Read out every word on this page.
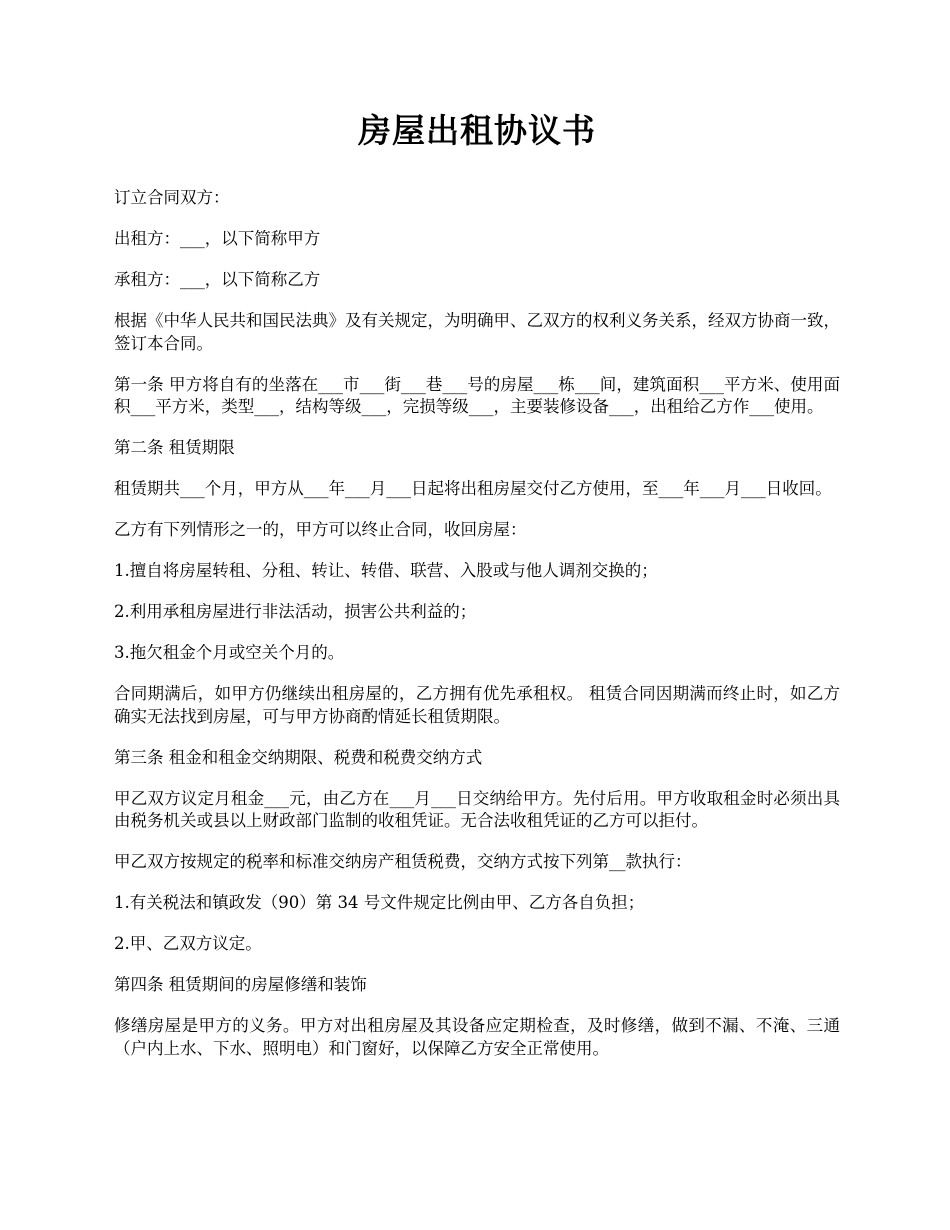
房屋出租协议书

订立合同双方：

出租方：___，以下简称甲方

承租方：___，以下简称乙方

根据《中华人民共和国民法典》及有关规定，为明确甲、乙双方的权利义务关系，经双方协商一致，签订本合同。

第一条 甲方将自有的坐落在___市___街___巷___号的房屋___栋___间，建筑面积___平方米、使用面积___平方米，类型___，结构等级___，完损等级___，主要装修设备___，出租给乙方作___使用。

第二条 租赁期限

租赁期共___个月，甲方从___年___月___日起将出租房屋交付乙方使用，至___年___月___日收回。

乙方有下列情形之一的，甲方可以终止合同，收回房屋：

1.擅自将房屋转租、分租、转让、转借、联营、入股或与他人调剂交换的；

2.利用承租房屋进行非法活动，损害公共利益的；

3.拖欠租金个月或空关个月的。

合同期满后，如甲方仍继续出租房屋的，乙方拥有优先承租权。 租赁合同因期满而终止时，如乙方确实无法找到房屋，可与甲方协商酌情延长租赁期限。

第三条 租金和租金交纳期限、税费和税费交纳方式

甲乙双方议定月租金___元，由乙方在___月___日交纳给甲方。先付后用。甲方收取租金时必须出具由税务机关或县以上财政部门监制的收租凭证。无合法收租凭证的乙方可以拒付。

甲乙双方按规定的税率和标准交纳房产租赁税费，交纳方式按下列第__款执行：

1.有关税法和镇政发（90）第 34 号文件规定比例由甲、乙方各自负担；

2.甲、乙双方议定。

第四条 租赁期间的房屋修缮和装饰

修缮房屋是甲方的义务。甲方对出租房屋及其设备应定期检查，及时修缮，做到不漏、不淹、三通（户内上水、下水、照明电）和门窗好，以保障乙方安全正常使用。
